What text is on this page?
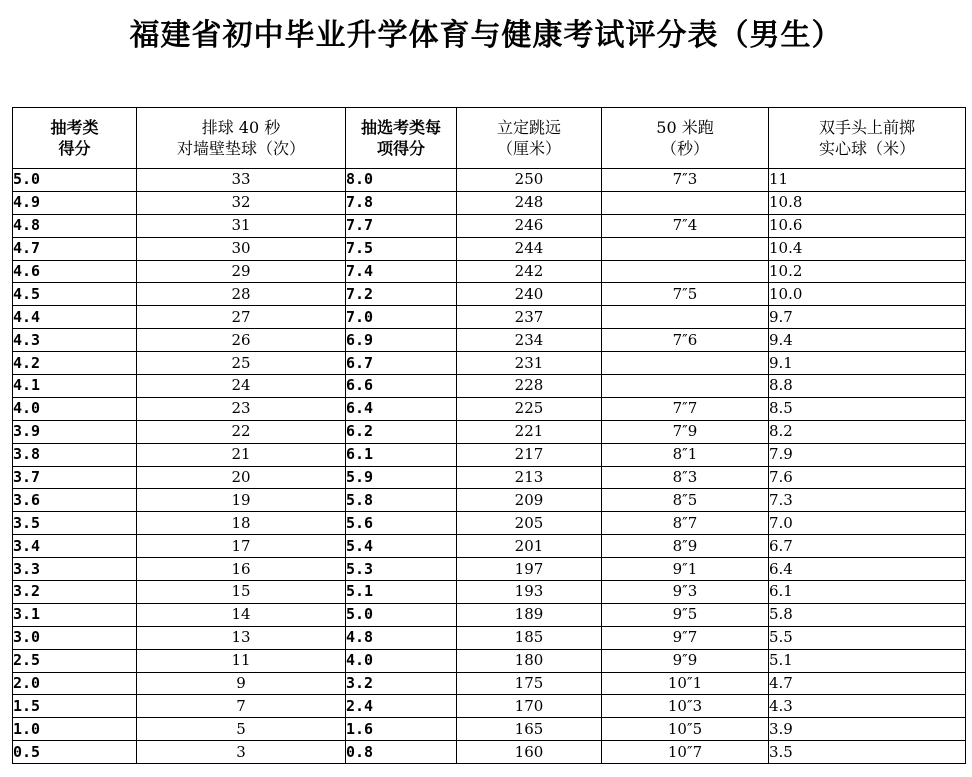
福建省初中毕业升学体育与健康考试评分表（男生）
抽考类
得分	排球 40 秒
对墙壁垫球（次）	抽选考类每
项得分	立定跳远
（厘米）	50 米跑
（秒）	双手头上前掷
实心球（米）

5.0	33	8.0	250	7″3	11
4.9	32	7.8	248		10.8
4.8	31	7.7	246	7″4	10.6
4.7	30	7.5	244		10.4
4.6	29	7.4	242		10.2
4.5	28	7.2	240	7″5	10.0
4.4	27	7.0	237		9.7
4.3	26	6.9	234	7″6	9.4
4.2	25	6.7	231		9.1
4.1	24	6.6	228		8.8
4.0	23	6.4	225	7″7	8.5
3.9	22	6.2	221	7″9	8.2
3.8	21	6.1	217	8″1	7.9
3.7	20	5.9	213	8″3	7.6
3.6	19	5.8	209	8″5	7.3
3.5	18	5.6	205	8″7	7.0
3.4	17	5.4	201	8″9	6.7
3.3	16	5.3	197	9″1	6.4
3.2	15	5.1	193	9″3	6.1
3.1	14	5.0	189	9″5	5.8
3.0	13	4.8	185	9″7	5.5
2.5	11	4.0	180	9″9	5.1
2.0	9	3.2	175	10″1	4.7
1.5	7	2.4	170	10″3	4.3
1.0	5	1.6	165	10″5	3.9
0.5	3	0.8	160	10″7	3.5
